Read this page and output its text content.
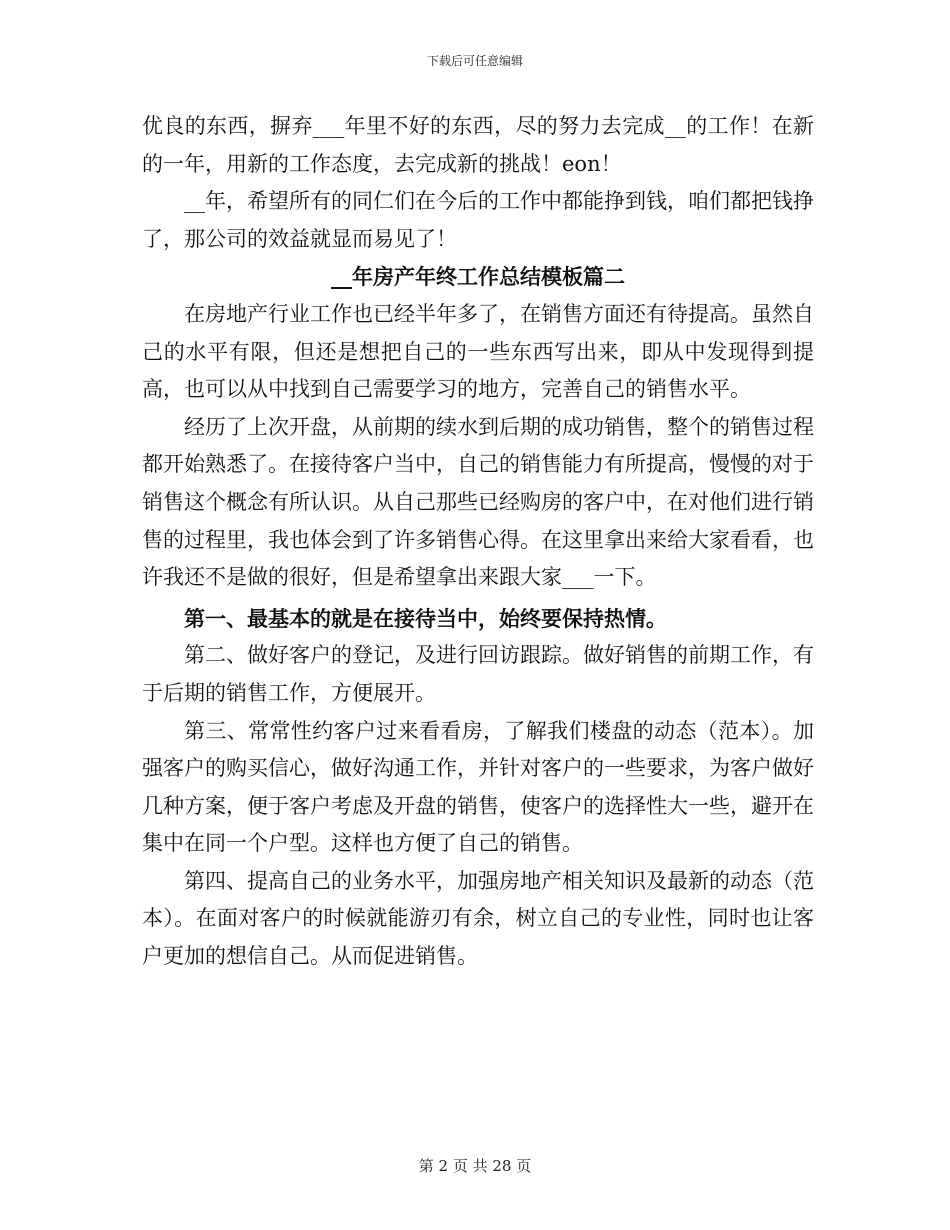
下载后可任意编辑

优良的东西，摒弃___年里不好的东西，尽的努力去完成__的工作！在新的一年，用新的工作态度，去完成新的挑战！eon！

__年，希望所有的同仁们在今后的工作中都能挣到钱，咱们都把钱挣了，那公司的效益就显而易见了！

__年房产年终工作总结模板篇二

在房地产行业工作也已经半年多了，在销售方面还有待提高。虽然自己的水平有限，但还是想把自己的一些东西写出来，即从中发现得到提高，也可以从中找到自己需要学习的地方，完善自己的销售水平。

经历了上次开盘，从前期的续水到后期的成功销售，整个的销售过程都开始熟悉了。在接待客户当中，自己的销售能力有所提高，慢慢的对于销售这个概念有所认识。从自己那些已经购房的客户中，在对他们进行销售的过程里，我也体会到了许多销售心得。在这里拿出来给大家看看，也许我还不是做的很好，但是希望拿出来跟大家___一下。

第一、最基本的就是在接待当中，始终要保持热情。

第二、做好客户的登记，及进行回访跟踪。做好销售的前期工作，有于后期的销售工作，方便展开。

第三、常常性约客户过来看看房，了解我们楼盘的动态（范本）。加强客户的购买信心，做好沟通工作，并针对客户的一些要求，为客户做好几种方案，便于客户考虑及开盘的销售，使客户的选择性大一些，避开在集中在同一个户型。这样也方便了自己的销售。

第四、提高自己的业务水平，加强房地产相关知识及最新的动态（范本）。在面对客户的时候就能游刃有余，树立自己的专业性，同时也让客户更加的想信自己。从而促进销售。

第 2 页 共 28 页
